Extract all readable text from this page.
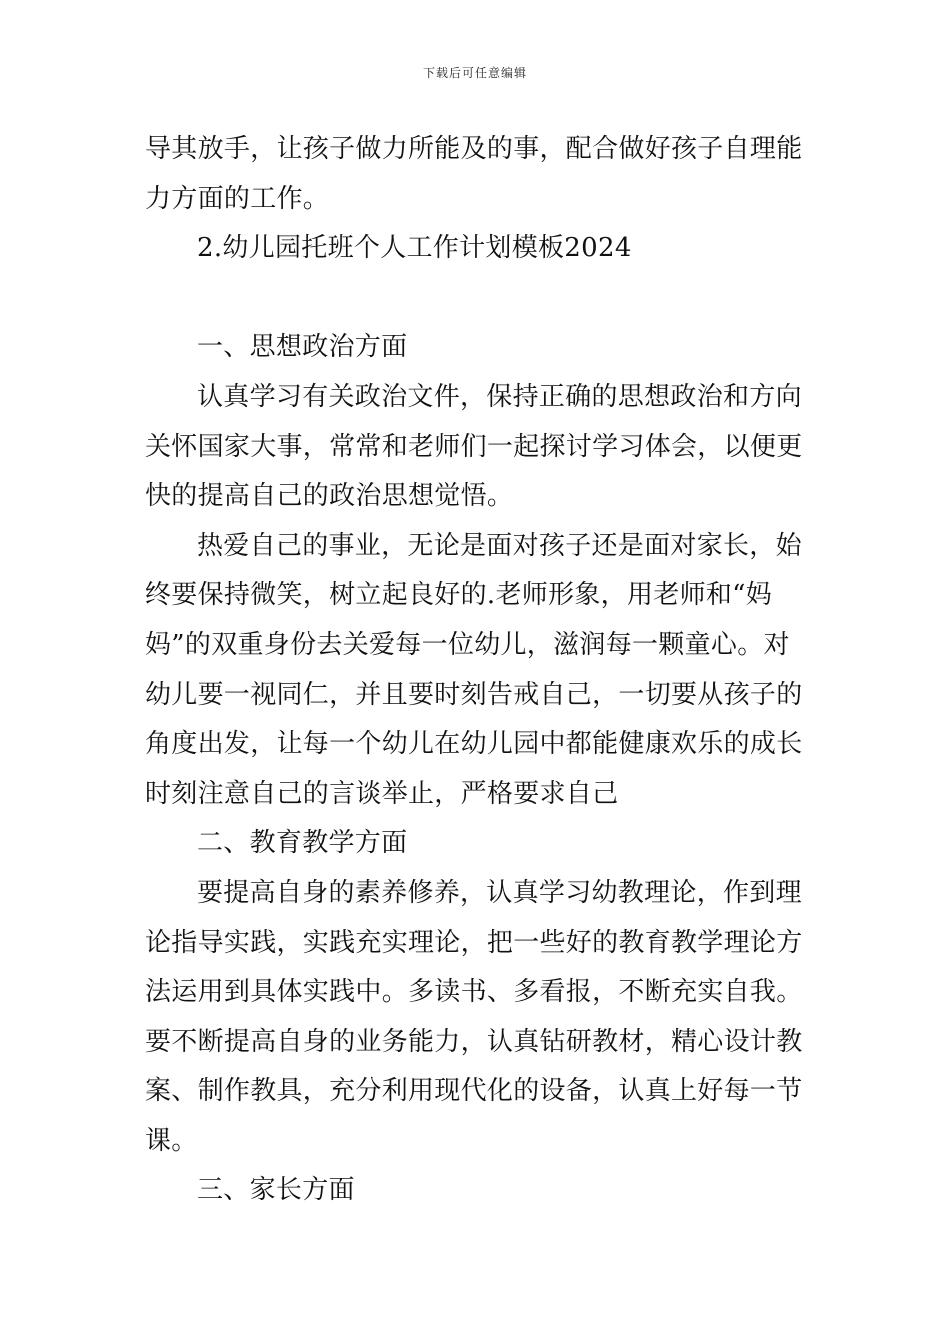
下载后可任意编辑
导其放手，让孩子做力所能及的事，配合做好孩子自理能
力方面的工作。
2.幼儿园托班个人工作计划模板2024
一、思想政治方面
认真学习有关政治文件，保持正确的思想政治和方向
关怀国家大事，常常和老师们一起探讨学习体会，以便更
快的提高自己的政治思想觉悟。
热爱自己的事业，无论是面对孩子还是面对家长，始
终要保持微笑，树立起良好的.老师形象，用老师和“妈
妈”的双重身份去关爱每一位幼儿，滋润每一颗童心。对
幼儿要一视同仁，并且要时刻告戒自己，一切要从孩子的
角度出发，让每一个幼儿在幼儿园中都能健康欢乐的成长
时刻注意自己的言谈举止，严格要求自己
二、教育教学方面
要提高自身的素养修养，认真学习幼教理论，作到理
论指导实践，实践充实理论，把一些好的教育教学理论方
法运用到具体实践中。多读书、多看报，不断充实自我。
要不断提高自身的业务能力，认真钻研教材，精心设计教
案、制作教具，充分利用现代化的设备，认真上好每一节
课。
三、家长方面
